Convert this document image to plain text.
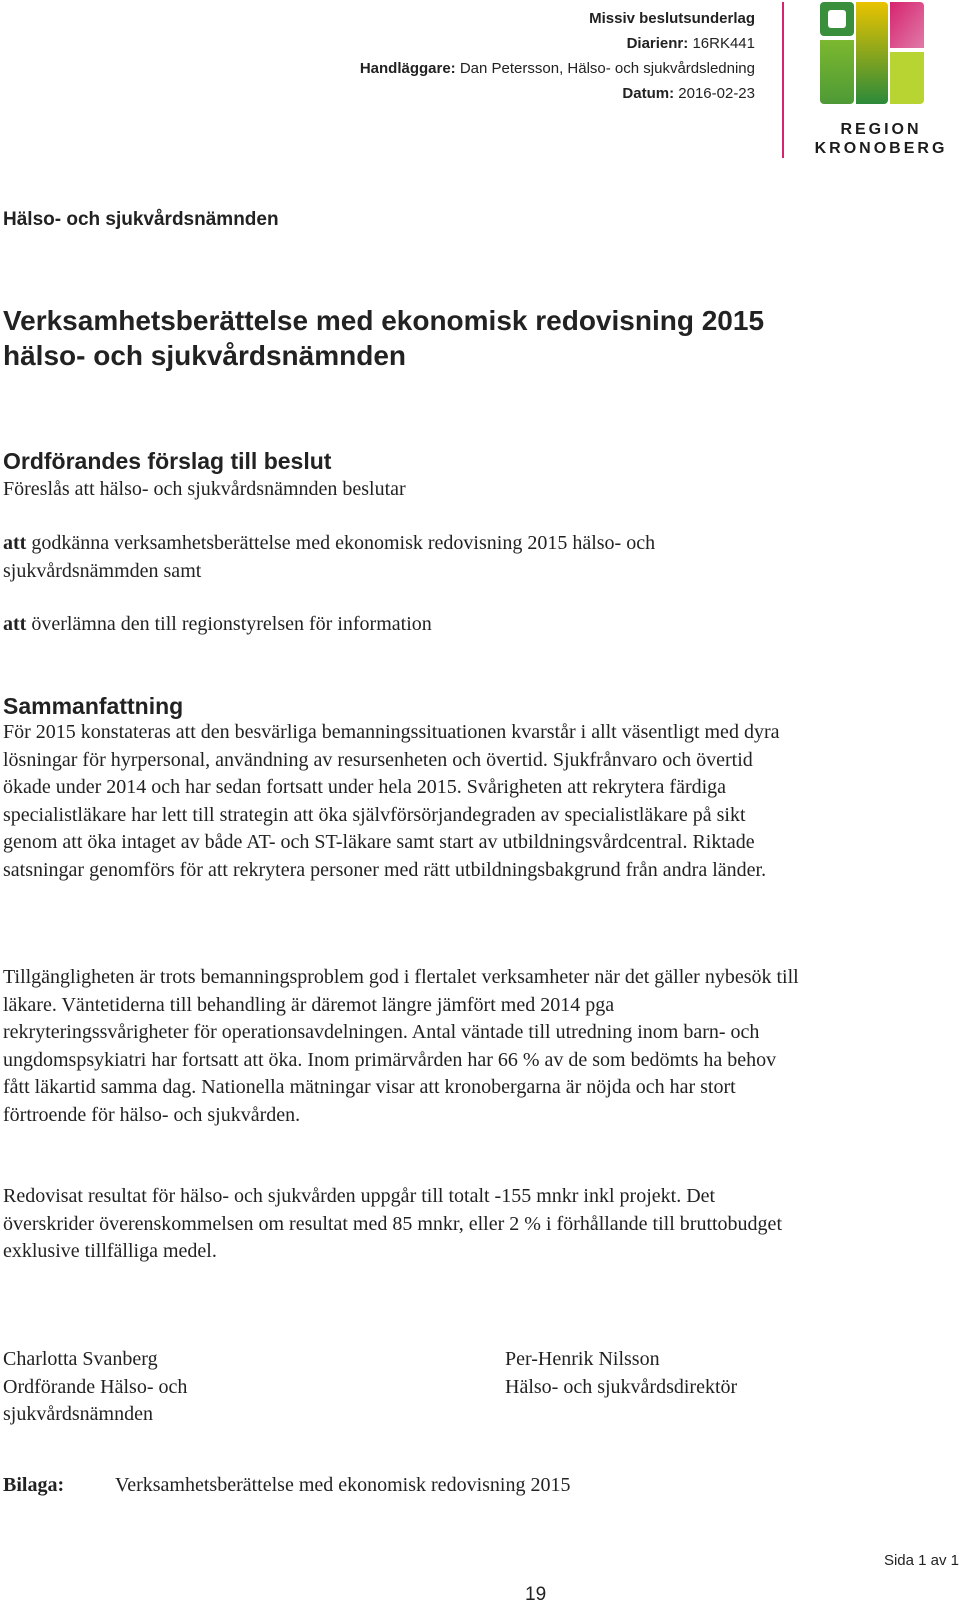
Missiv beslutsunderlag
Diarienr: 16RK441
Handläggare: Dan Petersson, Hälso- och sjukvårdsledning
Datum: 2016-02-23
REGION
KRONOBERG
Hälso- och sjukvårdsnämnden
Verksamhetsberättelse med ekonomisk redovisning 2015
hälso- och sjukvårdsnämnden
Ordförandes förslag till beslut

Föreslås att hälso- och sjukvårdsnämnden beslutar

att godkänna verksamhetsberättelse med ekonomisk redovisning 2015 hälso- och sjukvårdsnämmden samt

att överlämna den till regionstyrelsen för information

Sammanfattning

För 2015 konstateras att den besvärliga bemanningssituationen kvarstår i allt väsentligt med dyra lösningar för hyrpersonal, användning av resursenheten och övertid. Sjukfrånvaro och övertid ökade under 2014 och har sedan fortsatt under hela 2015. Svårigheten att rekrytera färdiga specialistläkare har lett till strategin att öka självförsörjandegraden av specialistläkare på sikt genom att öka intaget av både AT- och ST-läkare samt start av utbildningsvårdcentral. Riktade satsningar genomförs för att rekrytera personer med rätt utbildningsbakgrund från andra länder.

Tillgängligheten är trots bemanningsproblem god i flertalet verksamheter när det gäller nybesök till läkare. Väntetiderna till behandling är däremot längre jämfört med 2014 pga rekryteringssvårigheter för operationsavdelningen. Antal väntade till utredning inom barn- och ungdomspsykiatri har fortsatt att öka. Inom primärvården har 66 % av de som bedömts ha behov fått läkartid samma dag. Nationella mätningar visar att kronobergarna är nöjda och har stort förtroende för hälso- och sjukvården.

Redovisat resultat för hälso- och sjukvården uppgår till totalt -155 mnkr inkl projekt. Det överskrider överenskommelsen om resultat med 85 mnkr, eller 2 % i förhållande till bruttobudget exklusive tillfälliga medel.

Charlotta Svanberg
Ordförande Hälso- och sjukvårdsnämnden
Per-Henrik Nilsson
Hälso- och sjukvårdsdirektör
Bilaga:	Verksamhetsberättelse med ekonomisk redovisning 2015
Sida 1 av 1
19
